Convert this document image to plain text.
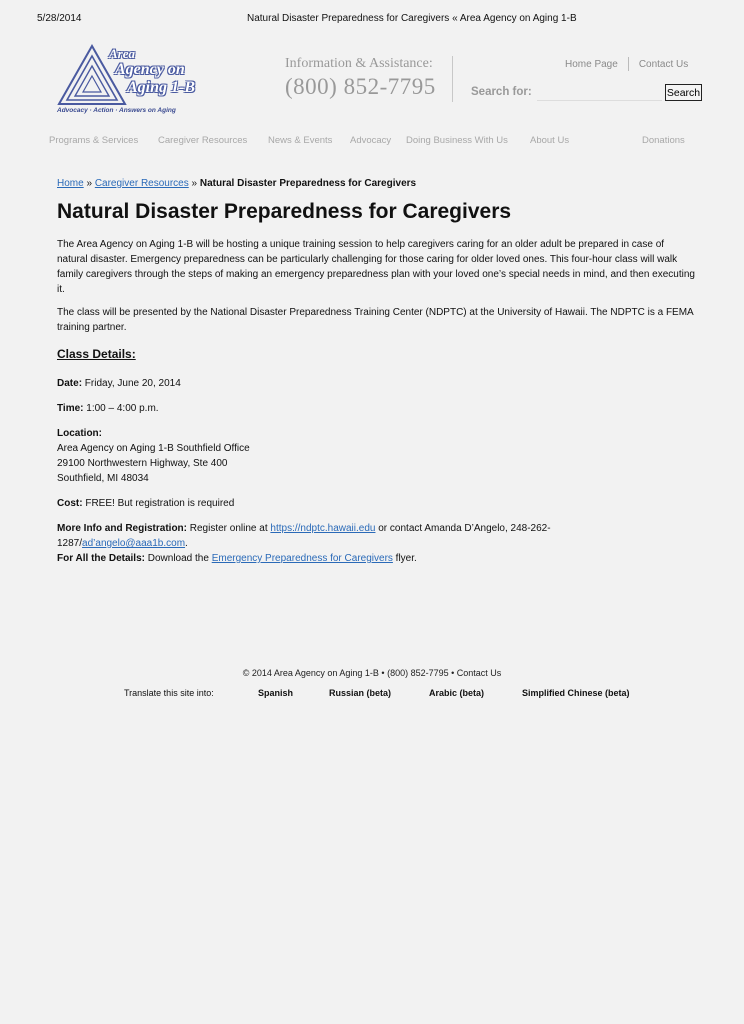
5/28/2014	Natural Disaster Preparedness for Caregivers « Area Agency on Aging 1-B
Area
Agency on
Aging 1-B
Advocacy · Action · Answers on Aging
Information & Assistance:
(800) 852-7795
Home Page Contact Us
Search for:	Search
Programs & Services Caregiver Resources News & Events Advocacy Doing Business With Us About Us	Donations
Home » Caregiver Resources » Natural Disaster Preparedness for Caregivers
Natural Disaster Preparedness for Caregivers

The Area Agency on Aging 1-B will be hosting a unique training session to help caregivers caring for an older adult be prepared in case of natural disaster. Emergency preparedness can be particularly challenging for those caring for older loved ones. This four-hour class will walk family caregivers through the steps of making an emergency preparedness plan with your loved one’s special needs in mind, and then executing it.

The class will be presented by the National Disaster Preparedness Training Center (NDPTC) at the University of Hawaii. The NDPTC is a FEMA training partner.

Class Details:
Date: Friday, June 20, 2014
Time: 1:00 – 4:00 p.m.
Location:
Area Agency on Aging 1-B Southfield Office
29100 Northwestern Highway, Ste 400
Southfield, MI 48034
Cost: FREE! But registration is required
More Info and Registration: Register online at https://ndptc.hawaii.edu or contact Amanda D’Angelo, 248-262-1287/ad’angelo@aaa1b.com.
For All the Details: Download the Emergency Preparedness for Caregivers flyer.
© 2014 Area Agency on Aging 1-B • (800) 852-7795 • Contact Us
Translate this site into:	Spanish	Russian (beta)	Arabic (beta)	Simplified Chinese (beta)
